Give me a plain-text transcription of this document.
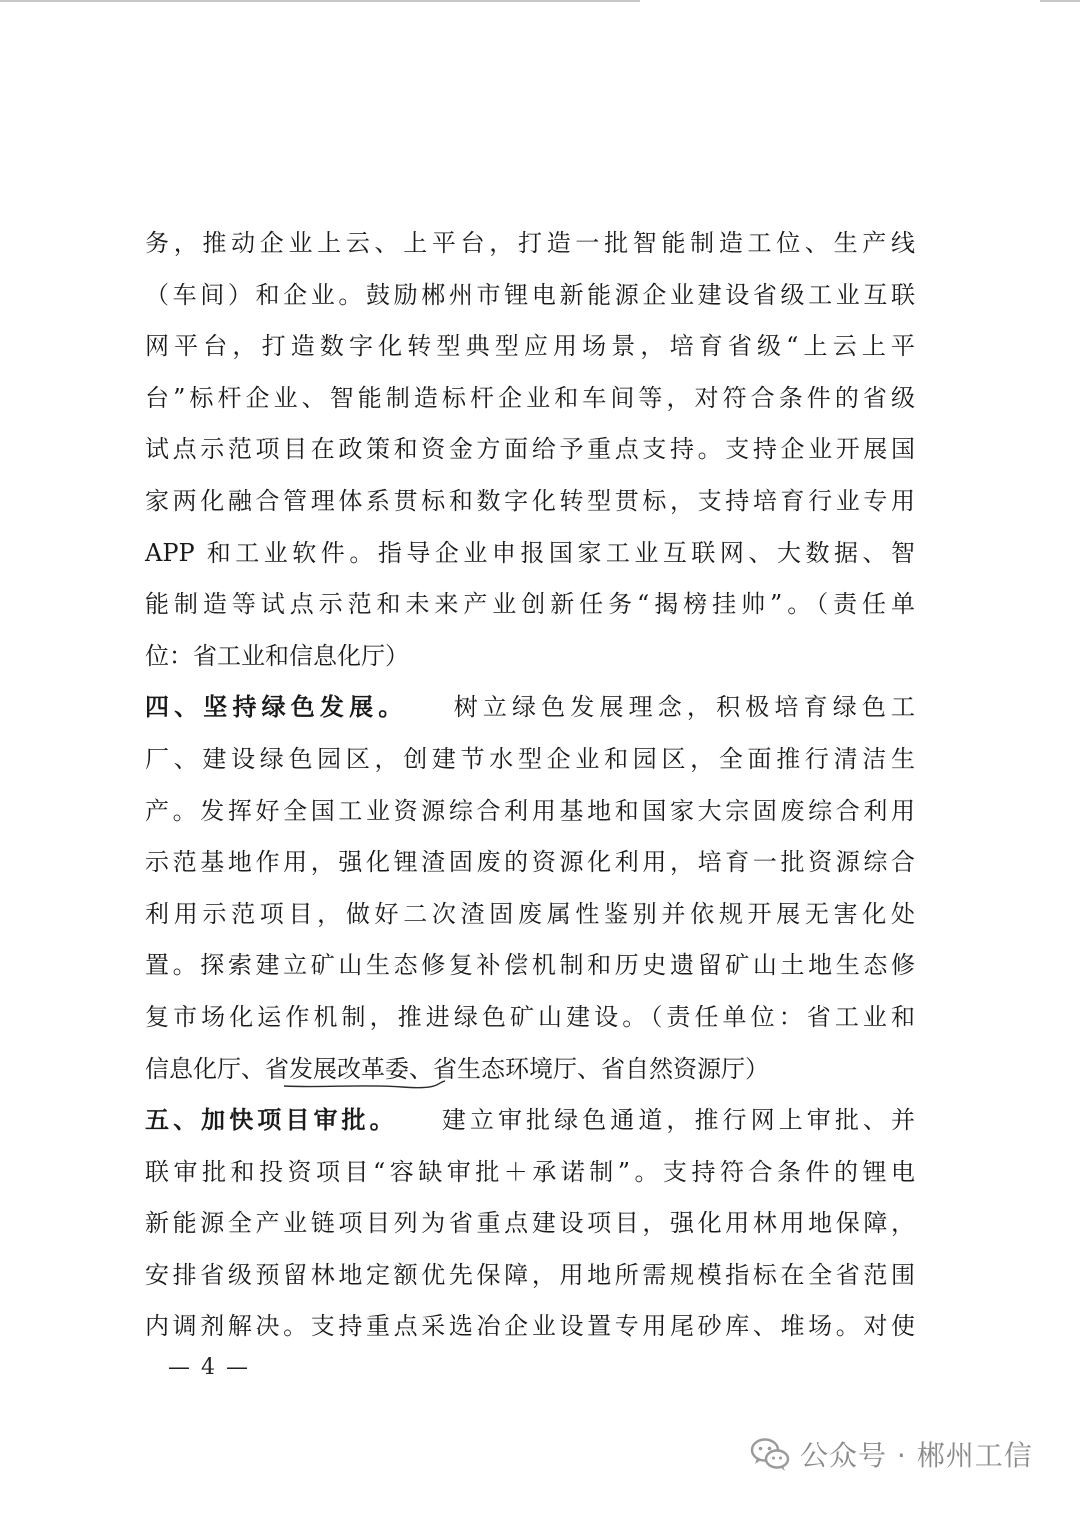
务，推动企业上云、上平台，打造一批智能制造工位、生产线
（车间）和企业。鼓励郴州市锂电新能源企业建设省级工业互联
网平台，打造数字化转型典型应用场景，培育省级“上云上平
台”标杆企业、智能制造标杆企业和车间等，对符合条件的省级
试点示范项目在政策和资金方面给予重点支持。支持企业开展国
家两化融合管理体系贯标和数字化转型贯标，支持培育行业专用
APP 和工业软件。指导企业申报国家工业互联网、大数据、智
能制造等试点示范和未来产业创新任务“揭榜挂帅”。（责任单
位：省工业和信息化厅）
四、坚持绿色发展。　　树立绿色发展理念，积极培育绿色工
厂、建设绿色园区，创建节水型企业和园区，全面推行清洁生
产。发挥好全国工业资源综合利用基地和国家大宗固废综合利用
示范基地作用，强化锂渣固废的资源化利用，培育一批资源综合
利用示范项目，做好二次渣固废属性鉴别并依规开展无害化处
置。探索建立矿山生态修复补偿机制和历史遗留矿山土地生态修
复市场化运作机制，推进绿色矿山建设。（责任单位：省工业和
信息化厅、省发展改革委、省生态环境厅、省自然资源厅）
五、加快项目审批。　　建立审批绿色通道，推行网上审批、并
联审批和投资项目“容缺审批＋承诺制”。支持符合条件的锂电
新能源全产业链项目列为省重点建设项目，强化用林用地保障，
安排省级预留林地定额优先保障，用地所需规模指标在全省范围
内调剂解决。支持重点采选冶企业设置专用尾砂库、堆场。对使
— 4 —
公众号 · 郴州工信
